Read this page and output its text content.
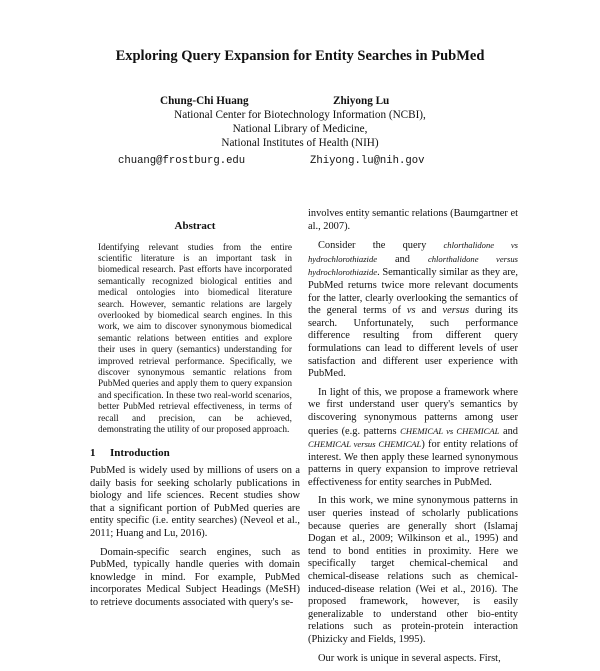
Exploring Query Expansion for Entity Searches in PubMed
Chung-Chi Huang	Zhiyong Lu
National Center for Biotechnology Information (NCBI),
National Library of Medicine,
National Institutes of Health (NIH)
chuang@frostburg.edu	Zhiyong.lu@nih.gov
Abstract

Identifying relevant studies from the entire scientific literature is an important task in biomedical research. Past efforts have incorporated semantically recognized biological entities and medical ontologies into biomedical literature search. However, semantic relations are largely overlooked by biomedical search engines. In this work, we aim to discover synonymous biomedical semantic relations between entities and explore their uses in query (semantics) understanding for improved retrieval performance. Specifically, we discover synonymous semantic relations from PubMed queries and apply them to query expansion and specification. In these two real-world scenarios, better PubMed retrieval effectiveness, in terms of recall and precision, can be achieved, demonstrating the utility of our proposed approach.

1 Introduction

PubMed is widely used by millions of users on a daily basis for seeking scholarly publications in biology and life sciences. Recent studies show that a significant portion of PubMed queries are entity specific (i.e. entity searches) (Neveol et al., 2011; Huang and Lu, 2016).

Domain-specific search engines, such as PubMed, typically handle queries with domain knowledge in mind. For example, PubMed incorporates Medical Subject Headings (MeSH) to retrieve documents associated with query's se-

involves entity semantic relations (Baumgartner et al., 2007).

Consider the query chlorthalidone vs hydrochlorothiazide and chlorthalidone versus hydrochlorothiazide. Semantically similar as they are, PubMed returns twice more relevant documents for the latter, clearly overlooking the semantics of the general terms of vs and versus during its search. Unfortunately, such performance difference resulting from different query formulations can lead to different levels of user satisfaction and different user experience with PubMed.

In light of this, we propose a framework where we first understand user query's semantics by discovering synonymous patterns among user queries (e.g. patterns CHEMICAL vs CHEMICAL and CHEMICAL versus CHEMICAL) for entity relations of interest. We then apply these learned synonymous patterns in query expansion to improve retrieval effectiveness for entity searches in PubMed.

In this work, we mine synonymous patterns in user queries instead of scholarly publications because queries are generally short (Islamaj Dogan et al., 2009; Wilkinson et al., 1995) and tend to bond entities in proximity. Here we specifically target chemical-chemical and chemical-disease relations such as chemical-induced-disease relation (Wei et al., 2016). The proposed framework, however, is easily generalizable to understand other bio-entity relations such as protein-protein interaction (Phizicky and Fields, 1995).

Our work is unique in several aspects. First,
